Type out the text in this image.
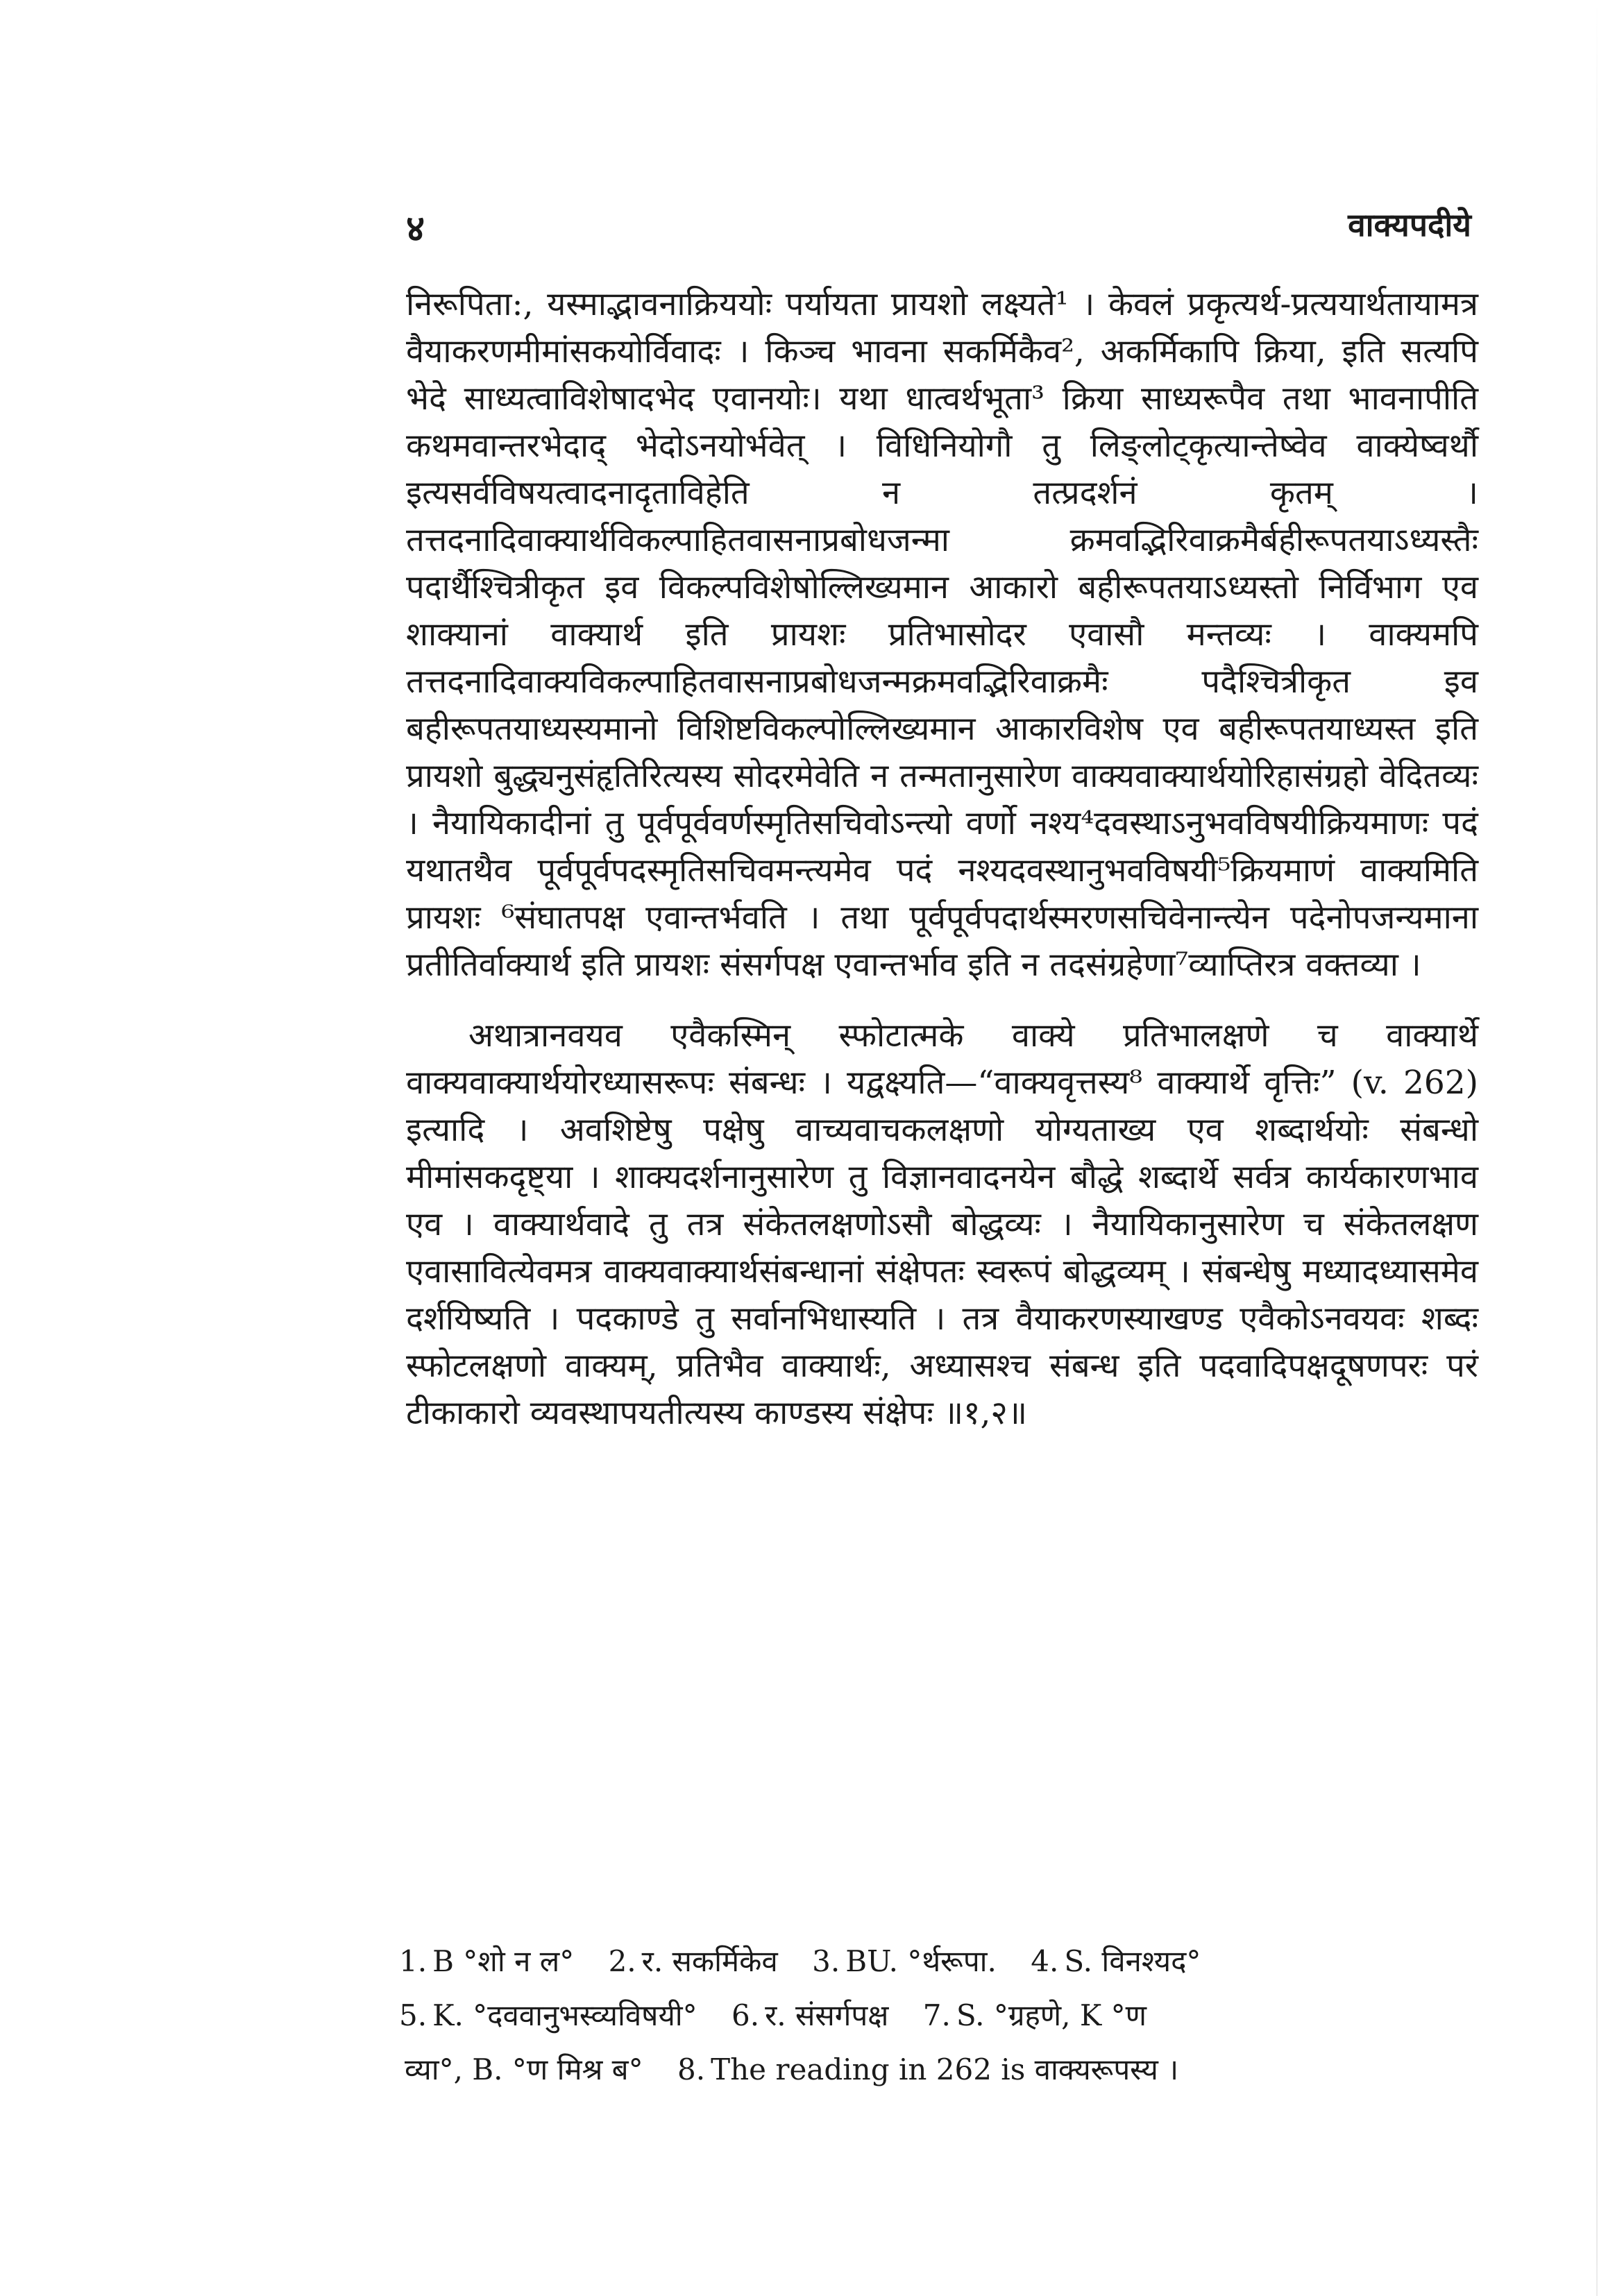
४	वाक्यपदीये

निरूपिता:, यस्माद्भावनाक्रिययोः पर्यायता प्रायशो लक्ष्यते¹ । केवलं प्रकृत्यर्थ-प्रत्ययार्थतायामत्र वैयाकरणमीमांसकयोर्विवादः । किञ्च भावना सकर्मिकैव², अकर्मिकापि क्रिया, इति सत्यपि भेदे साध्यत्वाविशेषादभेद एवानयोः। यथा धात्वर्थभूता³ क्रिया साध्यरूपैव तथा भावनापीति कथमवान्तरभेदाद् भेदोऽनयोर्भवेत् । विधिनियोगौ तु लिङ्लोट्कृत्यान्तेष्वेव वाक्येष्वर्थौ इत्यसर्वविषयत्वादनादृताविहेति न तत्प्रदर्शनं कृतम् । तत्तदनादिवाक्यार्थविकल्पाहितवासनाप्रबोधजन्मा क्रमवद्भिरिवाक्रमैर्बहीरूपतयाऽध्यस्तैः पदार्थैश्चित्रीकृत इव विकल्पविशेषोल्लिख्यमान आकारो बहीरूपतयाऽध्यस्तो निर्विभाग एव शाक्यानां वाक्यार्थ इति प्रायशः प्रतिभासोदर एवासौ मन्तव्यः । वाक्यमपि तत्तदनादिवाक्यविकल्पाहितवासनाप्रबोधजन्मक्रमवद्भिरिवाक्रमैः पदैश्चित्रीकृत इव बहीरूपतयाध्यस्यमानो विशिष्टविकल्पोल्लिख्यमान आकारविशेष एव बहीरूपतयाध्यस्त इति प्रायशो बुद्ध्यनुसंहृतिरित्यस्य सोदरमेवेति न तन्मतानुसारेण वाक्यवाक्यार्थयोरिहासंग्रहो वेदितव्यः । नैयायिकादीनां तु पूर्वपूर्ववर्णस्मृतिसचिवोऽन्त्यो वर्णो नश्य⁴दवस्थाऽनुभवविषयीक्रियमाणः पदं यथातथैव पूर्वपूर्वपदस्मृतिसचिवमन्त्यमेव पदं नश्यदवस्थानुभवविषयी⁵क्रियमाणं वाक्यमिति प्रायशः ⁶संघातपक्ष एवान्तर्भवति । तथा पूर्वपूर्वपदार्थस्मरणसचिवेनान्त्येन पदेनोपजन्यमाना प्रतीतिर्वाक्यार्थ इति प्रायशः संसर्गपक्ष एवान्तर्भाव इति न तदसंग्रहेणा⁷व्याप्तिरत्र वक्तव्या ।

अथात्रानवयव एवैकस्मिन् स्फोटात्मके वाक्ये प्रतिभालक्षणे च वाक्यार्थे वाक्यवाक्यार्थयोरध्यासरूपः संबन्धः । यद्वक्ष्यति—“वाक्यवृत्तस्य⁸ वाक्यार्थे वृत्तिः” (v. 262) इत्यादि । अवशिष्टेषु पक्षेषु वाच्यवाचकलक्षणो योग्यताख्य एव शब्दार्थयोः संबन्धो मीमांसकदृष्ट्या । शाक्यदर्शनानुसारेण तु विज्ञानवादनयेन बौद्धे शब्दार्थे सर्वत्र कार्यकारणभाव एव । वाक्यार्थवादे तु तत्र संकेतलक्षणोऽसौ बोद्धव्यः । नैयायिकानुसारेण च संकेतलक्षण एवासावित्येवमत्र वाक्यवाक्यार्थसंबन्धानां संक्षेपतः स्वरूपं बोद्धव्यम् । संबन्धेषु मध्यादध्यासमेव दर्शयिष्यति । पदकाण्डे तु सर्वानभिधास्यति । तत्र वैयाकरणस्याखण्ड एवैकोऽनवयवः शब्दः स्फोटलक्षणो वाक्यम्, प्रतिभैव वाक्यार्थः, अध्यासश्च संबन्ध इति पदवादिपक्षदूषणपरः परं टीकाकारो व्यवस्थापयतीत्यस्य काण्डस्य संक्षेपः ॥१,२॥

1. B °शो न ल° 2. र. सकर्मिकेव 3. BU. °र्थरूपा. 4. S. विनश्यद°
5. K. °दववानुभस्व्यविषयी° 6. र. संसर्गपक्ष 7. S. °ग्रहणे, K °ण
व्या°, B. °ण मिश्र ब° 8. The reading in 262 is वाक्यरूपस्य ।
